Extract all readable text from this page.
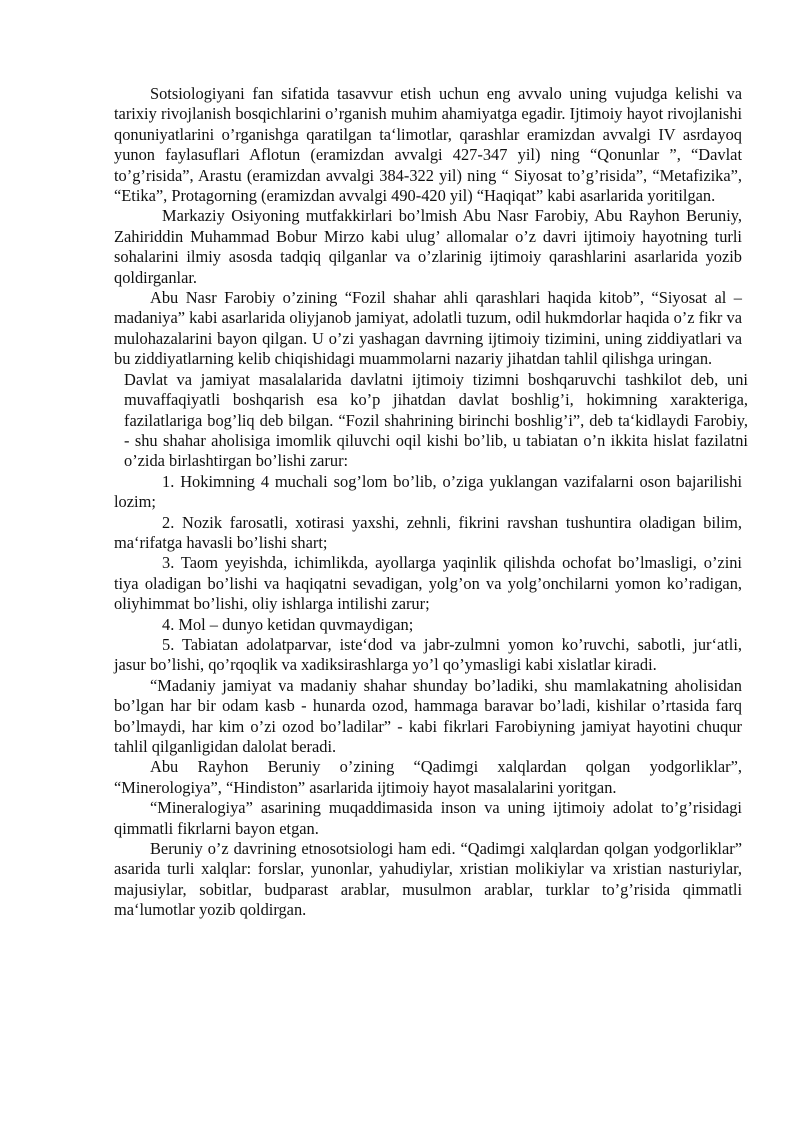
Sotsiologiyani fan sifatida tasavvur etish uchun eng avvalo uning vujudga kelishi va tarixiy rivojlanish bosqichlarini o’rganish muhim ahamiyatga egadir. Ijtimoiy hayot rivojlanishi qonuniyatlarini o’rganishga qaratilgan ta‘limotlar, qarashlar eramizdan avvalgi IV asrdayoq yunon faylasuflari Aflotun (eramizdan avvalgi 427-347 yil) ning “Qonunlar ”, “Davlat to’g’risida”, Arastu (eramizdan avvalgi 384-322 yil) ning “ Siyosat to’g’risida”, “Metafizika”, “Etika”, Protagorning (eramizdan avvalgi 490-420 yil) “Haqiqat” kabi asarlarida yoritilgan.

Markaziy Osiyoning mutfakkirlari bo’lmish Abu Nasr Farobiy, Abu Rayhon Beruniy, Zahiriddin Muhammad Bobur Mirzo kabi ulug’ allomalar o’z davri ijtimoiy hayotning turli sohalarini ilmiy asosda tadqiq qilganlar va o’zlarinig ijtimoiy qarashlarini asarlarida yozib qoldirganlar.

Abu Nasr Farobiy o’zining “Fozil shahar ahli qarashlari haqida kitob”, “Siyosat al – madaniya” kabi asarlarida oliyjanob jamiyat, adolatli tuzum, odil hukmdorlar haqida o’z fikr va mulohazalarini bayon qilgan. U o’zi yashagan davrning ijtimoiy tizimini, uning ziddiyatlari va bu ziddiyatlarning kelib chiqishidagi muammolarni nazariy jihatdan tahlil qilishga uringan.

Davlat va jamiyat masalalarida davlatni ijtimoiy tizimni boshqaruvchi tashkilot deb, uni muvaffaqiyatli boshqarish esa ko’p jihatdan davlat boshlig’i, hokimning xarakteriga, fazilatlariga bog’liq deb bilgan. “Fozil shahrining birinchi boshlig’i”, deb ta‘kidlaydi Farobiy, - shu shahar aholisiga imomlik qiluvchi oqil kishi bo’lib, u tabiatan o’n ikkita hislat fazilatni o’zida birlashtirgan bo’lishi zarur:

1. Hokimning 4 muchali sog’lom bo’lib, o’ziga yuklangan vazifalarni oson bajarilishi lozim;

2. Nozik farosatli, xotirasi yaxshi, zehnli, fikrini ravshan tushuntira oladigan bilim, ma‘rifatga havasli bo’lishi shart;

3. Taom yeyishda, ichimlikda, ayollarga yaqinlik qilishda ochofat bo’lmasligi, o’zini tiya oladigan bo’lishi va haqiqatni sevadigan, yolg’on va yolg’onchilarni yomon ko’radigan, oliyhimmat bo’lishi, oliy ishlarga intilishi zarur;

4. Mol – dunyo ketidan quvmaydigan;

5. Tabiatan adolatparvar, iste‘dod va jabr-zulmni yomon ko’ruvchi, sabotli, jur‘atli, jasur bo’lishi, qo’rqoqlik va xadiksirashlarga yo’l qo’ymasligi kabi xislatlar kiradi.

“Madaniy jamiyat va madaniy shahar shunday bo’ladiki, shu mamlakatning aholisidan bo’lgan har bir odam kasb - hunarda ozod, hammaga baravar bo’ladi, kishilar o’rtasida farq bo’lmaydi, har kim o’zi ozod bo’ladilar” - kabi fikrlari Farobiyning jamiyat hayotini chuqur tahlil qilganligidan dalolat beradi.

Abu Rayhon Beruniy o’zining “Qadimgi xalqlardan qolgan yodgorliklar”, “Minerologiya”, “Hindiston” asarlarida ijtimoiy hayot masalalarini yoritgan.

“Mineralogiya” asarining muqaddimasida inson va uning ijtimoiy adolat to’g’risidagi qimmatli fikrlarni bayon etgan.

Beruniy o’z davrining etnosotsiologi ham edi. “Qadimgi xalqlardan qolgan yodgorliklar” asarida turli xalqlar: forslar, yunonlar, yahudiylar, xristian molikiylar va xristian nasturiylar, majusiylar, sobitlar, budparast arablar, musulmon arablar, turklar to’g’risida qimmatli ma‘lumotlar yozib qoldirgan.
